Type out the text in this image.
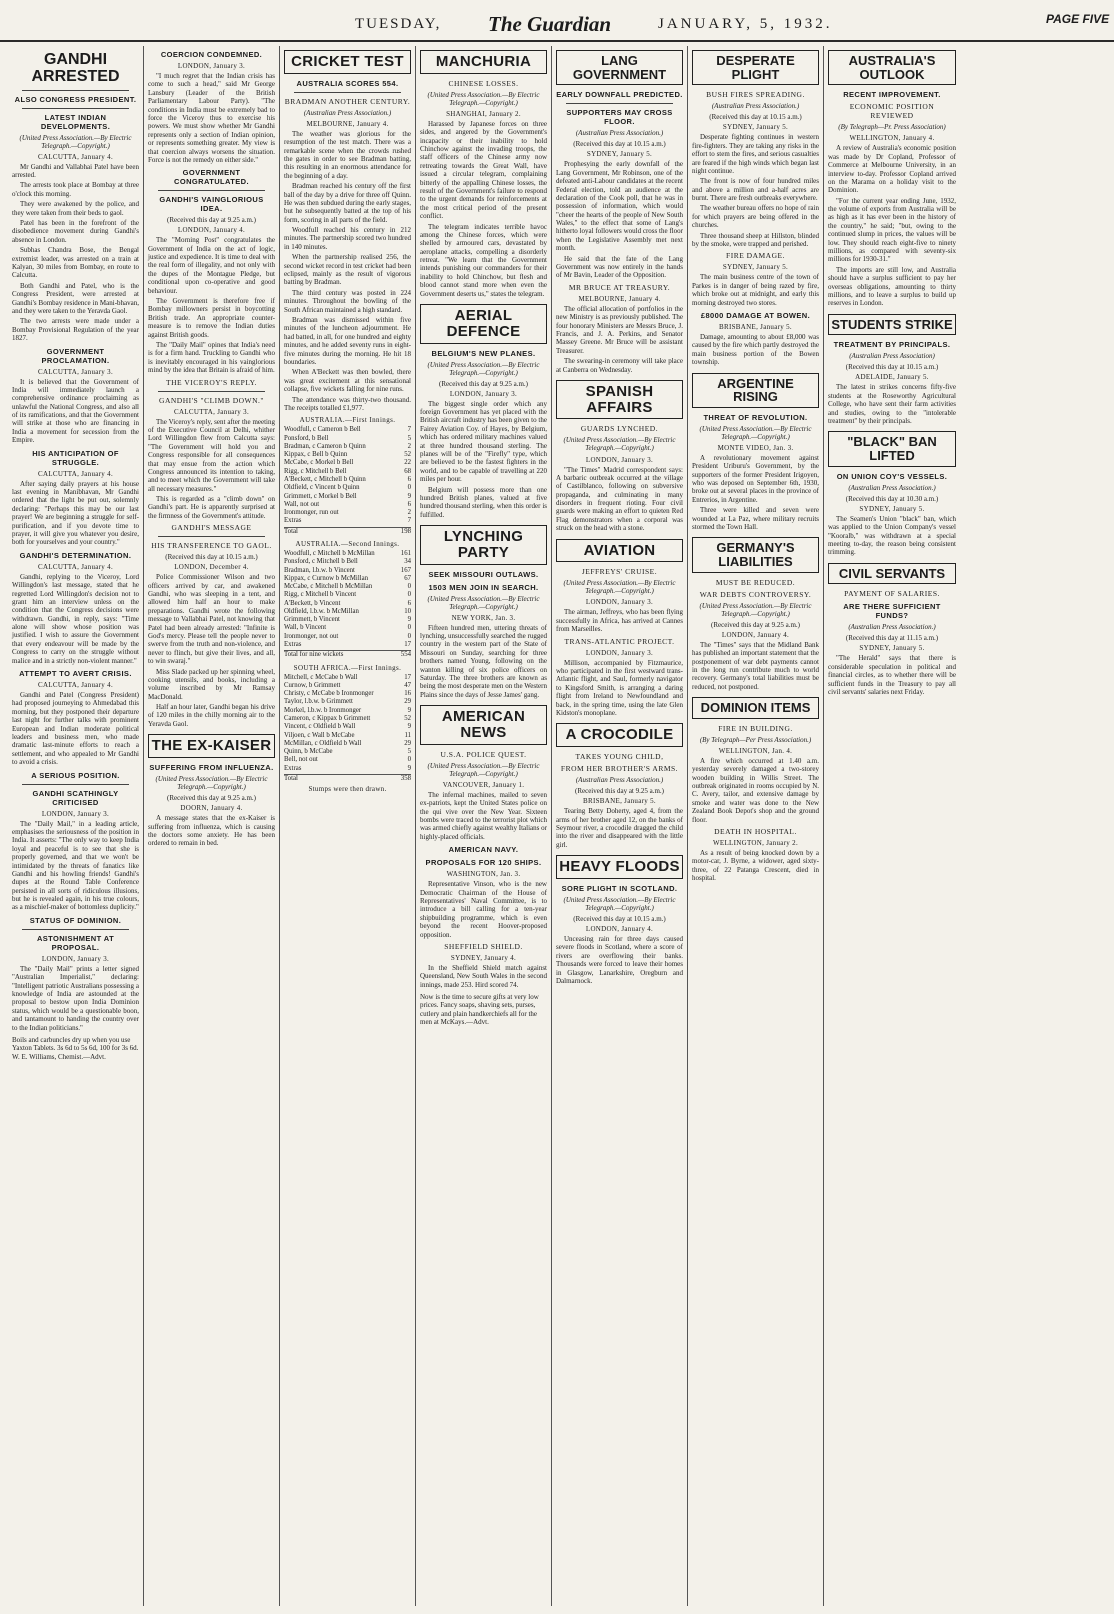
TUESDAY, The Guardian	JANUARY, 5, 1932.	PAGE FIVE
GANDHI ARRESTED
ALSO CONGRESS PRESIDENT.
LATEST INDIAN DEVELOPMENTS.
(United Press Association.—By Electric Telegraph.—Copyright.)
CALCUTTA, January 4.

Mr Gandhi and Vallabhai Patel have been arrested.

The arrests took place at Bombay at three o'clock this morning.

They were awakened by the police, and they were taken from their beds to gaol.

Patel has been in the forefront of the disobedience movement during Gandhi's absence in London.

Subhas Chandra Bose, the Bengal extremist leader, was arrested on a train at Kalyan, 30 miles from Bombay, en route to Calcutta.

Both Gandhi and Patel, who is the Congress President, were arrested at Gandhi's Bombay residence in Mani-bhavan, and they were taken to the Yeravda Gaol.

The two arrests were made under a Bombay Provisional Regulation of the year 1827.

GOVERNMENT PROCLAMATION.
CALCUTTA, January 3.

It is believed that the Government of India will immediately launch a comprehensive ordinance proclaiming as unlawful the National Congress, and also all of its ramifications, and that the Government will strike at those who are financing in India a movement for secession from the Empire.

HIS ANTICIPATION OF STRUGGLE.
CALCUTTA, January 4.

After saying daily prayers at his house last evening in Manibhavan, Mr Gandhi ordered that the light be put out, solemnly declaring: "Perhaps this may be our last prayer! We are beginning a struggle for self-purification, and if you devote time to prayer, it will give you whatever you desire, both for yourselves and your country."

GANDHI'S DETERMINATION.
CALCUTTA, January 4.

Gandhi, replying to the Viceroy, Lord Willingdon's last message, stated that he regretted Lord Willingdon's decision not to grant him an interview unless on the condition that the Congress decisions were withdrawn. Gandhi, in reply, says: "Time alone will show whose position was justified. I wish to assure the Government that every endeavour will be made by the Congress to carry on the struggle without malice and in a strictly non-violent manner."

ATTEMPT TO AVERT CRISIS.
CALCUTTA, January 4.

Gandhi and Patel (Congress President) had proposed journeying to Ahmedabad this morning, but they postponed their departure last night for further talks with prominent European and Indian moderate political leaders and business men, who made dramatic last-minute efforts to reach a settlement, and who appealed to Mr Gandhi to avoid a crisis.

A SERIOUS POSITION.
GANDHI SCATHINGLY CRITICISED
LONDON, January 3.

The "Daily Mail," in a leading article, emphasises the seriousness of the position in India. It asserts: "The only way to keep India loyal and peaceful is to see that she is properly governed, and that we won't be intimidated by the threats of fanatics like Gandhi and his howling friends! Gandhi's dupes at the Round Table Conference persisted in all sorts of ridiculous illusions, but he is revealed again, in his true colours, as a mischief-maker of bottomless duplicity."

STATUS OF DOMINION.
ASTONISHMENT AT PROPOSAL.
LONDON, January 3.

The "Daily Mail" prints a letter signed "Australian Imperialist," declaring: "Intelligent patriotic Australians possessing a knowledge of India are astounded at the proposal to bestow upon India Dominion status, which would be a questionable boon, and tantamount to handing the country over to the Indian politicians."

Boils and carbuncles dry up when you use Yaxton Tablets. 3s 6d to 5s 6d, 100 for 3s 6d. W. E. Williams, Chemist.—Advt.

COERCION CONDEMNED.
LONDON, January 3.

"I much regret that the Indian crisis has come to such a head," said Mr George Lansbury (Leader of the British Parliamentary Labour Party). "The conditions in India must be extremely bad to force the Viceroy thus to exercise his powers. We must show whether Mr Gandhi represents only a section of Indian opinion, or represents something greater. My view is that coercion always worsens the situation. Force is not the remedy on either side."

GOVERNMENT CONGRATULATED.
GANDHI'S VAINGLORIOUS IDEA.
(Received this day at 9.25 a.m.)
LONDON, January 4.

The "Morning Post" congratulates the Government of India on the act of logic, justice and expedience. It is time to deal with the real form of illegality, and not only with the dupes of the Montague Pledge, but conditional upon co-operative and good behaviour.

The Government is therefore free if Bombay millowners persist in boycotting British trade. An appropriate counter-measure is to remove the Indian duties against British goods.

The "Daily Mail" opines that India's need is for a firm hand. Truckling to Gandhi who is inevitably encouraged in his vainglorious mind by the idea that Britain is afraid of him.

THE VICEROY'S REPLY.
GANDHI'S "CLIMB DOWN."
CALCUTTA, January 3.

The Viceroy's reply, sent after the meeting of the Executive Council at Delhi, whither Lord Willingdon flew from Calcutta says: "The Government will hold you and Congress responsible for all consequences that may ensue from the action which Congress announced its intention to taking, and to meet which the Government will take all necessary measures."

This is regarded as a "climb down" on Gandhi's part. He is apparently surprised at the firmness of the Government's attitude.

GANDHI'S MESSAGE
HIS TRANSFERENCE TO GAOL.
(Received this day at 10.15 a.m.)
LONDON, December 4.

Police Commissioner Wilson and two officers arrived by car, and awakened Gandhi, who was sleeping in a tent, and allowed him half an hour to make preparations. Gandhi wrote the following message to Vallabhai Patel, not knowing that Patel had been already arrested: "Infinite is God's mercy. Please tell the people never to swerve from the truth and non-violence, and never to flinch, but give their lives, and all, to win swaraj."

Miss Slade packed up her spinning wheel, cooking utensils, and books, including a volume inscribed by Mr Ramsay MacDonald.

Half an hour later, Gandhi began his drive of 120 miles in the chilly morning air to the Yeravda Gaol.

THE EX-KAISER
SUFFERING FROM INFLUENZA.
(United Press Association.—By Electric Telegraph.—Copyright.)
(Received this day at 9.25 a.m.)
DOORN, January 4.

A message states that the ex-Kaiser is suffering from influenza, which is causing the doctors some anxiety. He has been ordered to remain in bed.

CRICKET TEST
AUSTRALIA SCORES 554.
BRADMAN ANOTHER CENTURY.
(Australian Press Association.)
MELBOURNE, January 4.

The weather was glorious for the resumption of the test match. There was a remarkable scene when the crowds rushed the gates in order to see Bradman batting, this resulting in an enormous attendance for the beginning of a day.

Bradman reached his century off the first ball of the day by a drive for three off Quinn. He was then subdued during the early stages, but he subsequently batted at the top of his form, scoring in all parts of the field.

Woodfull reached his century in 212 minutes. The partnership scored two hundred in 140 minutes.

When the partnership realised 256, the second wicket record in test cricket had been eclipsed, mainly as the result of vigorous batting by Bradman.

The third century was posted in 224 minutes. Throughout the bowling of the South African maintained a high standard.

Bradman was dismissed within five minutes of the luncheon adjournment. He had batted, in all, for one hundred and eighty minutes, and he added seventy runs in eight-five minutes during the morning. He hit 18 boundaries.

When A'Beckett was then bowled, there was great excitement at this sensational collapse, five wickets falling for nine runs.

The attendance was thirty-two thousand. The receipts totalled £1,977.

AUSTRALIA.—First Innings.
Woodfull, c Cameron b Bell	7
Ponsford, b Bell	5
Bradman, c Cameron b Quinn	2
Kippax, c Bell b Quinn	52
McCabe, c Morkel b Bell	22
Rigg, c Mitchell b Bell	68
A'Beckett, c Mitchell b Quinn	6
Oldfield, c Vincent b Quinn	0
Grimmett, c Morkel b Bell	9
Wall, not out	6
Ironmonger, run out	2
Extras	7
Total	198
AUSTRALIA.—Second Innings.
Woodfull, c Mitchell b McMillan	161
Ponsford, c Mitchell b Bell	34
Bradman, l.b.w. b Vincent	167
Kippax, c Curnow b McMillan	67
McCabe, c Mitchell b McMillan	0
Rigg, c Mitchell b Vincent	0
A'Beckett, b Vincent	6
Oldfield, l.b.w. b McMillan	10
Grimmett, b Vincent	9
Wall, b Vincent	0
Ironmonger, not out	0
Extras	17
Total for nine wickets	554
SOUTH AFRICA.—First Innings.
Mitchell, c McCabe b Wall	17
Curnow, b Grimmett	47
Christy, c McCabe b Ironmonger	16
Taylor, l.b.w. b Grimmett	29
Morkel, l.b.w. b Ironmonger	9
Cameron, c Kippax b Grimmett	52
Vincent, c Oldfield b Wall	9
Viljoen, c Wall b McCabe	11
McMillan, c Oldfield b Wall	29
Quinn, b McCabe	5
Bell, not out	0
Extras	9
Total	358
Stumps were then drawn.
MANCHURIA
CHINESE LOSSES.
(United Press Association.—By Electric Telegraph.—Copyright.)
SHANGHAI, January 2.

Harassed by Japanese forces on three sides, and angered by the Government's incapacity or their inability to hold Chinchow against the invading troops, the staff officers of the Chinese army now retreating towards the Great Wall, have issued a circular telegram, complaining bitterly of the appalling Chinese losses, the result of the Government's failure to respond to the urgent demands for reinforcements at the most critical period of the present conflict.

The telegram indicates terrible havoc among the Chinese forces, which were shelled by armoured cars, devastated by aeroplane attacks, compelling a disorderly retreat. "We learn that the Government intends punishing our commanders for their inability to hold Chinchow, but flesh and blood cannot stand more when even the Government deserts us," states the telegram.

AERIAL DEFENCE
BELGIUM'S NEW PLANES.
(United Press Association.—By Electric Telegraph.—Copyright.)
(Received this day at 9.25 a.m.)
LONDON, January 3.

The biggest single order which any foreign Government has yet placed with the British aircraft industry has been given to the Fairey Aviation Coy. of Hayes, by Belgium, which has ordered military machines valued at three hundred thousand sterling. The planes will be of the "Firefly" type, which are believed to be the fastest fighters in the world, and to be capable of travelling at 220 miles per hour.

Belgium will possess more than one hundred British planes, valued at five hundred thousand sterling, when this order is fulfilled.

LYNCHING PARTY
SEEK MISSOURI OUTLAWS.
1503 MEN JOIN IN SEARCH.
(United Press Association.—By Electric Telegraph.—Copyright.)
NEW YORK, Jan. 3.

Fifteen hundred men, uttering threats of lynching, unsuccessfully searched the rugged country in the western part of the State of Missouri on Sunday, searching for three brothers named Young, following on the wanton killing of six police officers on Saturday. The three brothers are known as being the most desperate men on the Western Plains since the days of Jesse James' gang.

AMERICAN NEWS
U.S.A. POLICE QUEST.
(United Press Association.—By Electric Telegraph.—Copyright.)
VANCOUVER, January 1.

The infernal machines, mailed to seven ex-patriots, kept the United States police on the qui vive over the New Year. Sixteen bombs were traced to the terrorist plot which was armed chiefly against wealthy Italians or highly-placed officials.

AMERICAN NAVY.
PROPOSALS FOR 120 SHIPS.
WASHINGTON, Jan. 3.

Representative Vinson, who is the new Democratic Chairman of the House of Representatives' Naval Committee, is to introduce a bill calling for a ten-year shipbuilding programme, which is even beyond the recent Hoover-proposed opposition.

SHEFFIELD SHIELD.
SYDNEY, January 4.

In the Sheffield Shield match against Queensland, New South Wales in the second innings, made 253. Hird scored 74.

Now is the time to secure gifts at very low prices. Fancy soaps, shaving sets, purses, cutlery and plain handkerchiefs all for the men at McKays.—Advt.

LANG GOVERNMENT
EARLY DOWNFALL PREDICTED.
SUPPORTERS MAY CROSS FLOOR.
(Australian Press Association.)
(Received this day at 10.15 a.m.)
SYDNEY, January 5.

Prophesying the early downfall of the Lang Government, Mr Robinson, one of the defeated anti-Labour candidates at the recent Federal election, told an audience at the declaration of the Cook poll, that he was in possession of information, which would "cheer the hearts of the people of New South Wales," to the effect that some of Lang's hitherto loyal followers would cross the floor when the Legislative Assembly met next month.

He said that the fate of the Lang Government was now entirely in the hands of Mr Bavin, Leader of the Opposition.

MR BRUCE AT TREASURY.
MELBOURNE, January 4.

The official allocation of portfolios in the new Ministry is as previously published. The four honorary Ministers are Messrs Bruce, J. Francis, and J. A. Perkins, and Senator Massey Greene. Mr Bruce will be assistant Treasurer.

The swearing-in ceremony will take place at Canberra on Wednesday.

SPANISH AFFAIRS
GUARDS LYNCHED.
(United Press Association.—By Electric Telegraph.—Copyright.)
LONDON, January 3.

"The Times" Madrid correspondent says: A barbaric outbreak occurred at the village of Castilblanco, following on subversive propaganda, and culminating in many disorders in frequent rioting. Four civil guards were making an effort to quieten Red Flag demonstrators when a corporal was struck on the head with a stone.

AVIATION
JEFFREYS' CRUISE.
(United Press Association.—By Electric Telegraph.—Copyright.)
LONDON, January 3.

The airman, Jeffreys, who has been flying successfully in Africa, has arrived at Cannes from Marseilles.

TRANS-ATLANTIC PROJECT.
LONDON, January 3.

Millison, accompanied by Fitzmaurice, who participated in the first westward trans-Atlantic flight, and Saul, formerly navigator to Kingsford Smith, is arranging a daring flight from Ireland to Newfoundland and back, in the spring time, using the late Glen Kidston's monoplane.

A CROCODILE
TAKES YOUNG CHILD,
FROM HER BROTHER'S ARMS.
(Australian Press Association.)
(Received this day at 9.25 a.m.)
BRISBANE, January 5.

Tearing Betty Doherty, aged 4, from the arms of her brother aged 12, on the banks of Seymour river, a crocodile dragged the child into the river and disappeared with the little girl.

HEAVY FLOODS
SORE PLIGHT IN SCOTLAND.
(United Press Association.—By Electric Telegraph.—Copyright.)
(Received this day at 10.15 a.m.)
LONDON, January 4.

Unceasing rain for three days caused severe floods in Scotland, where a score of rivers are overflowing their banks. Thousands were forced to leave their homes in Glasgow, Lanarkshire, Oregburn and Dalmarnock.

DESPERATE PLIGHT
BUSH FIRES SPREADING.
(Australian Press Association.)
(Received this day at 10.15 a.m.)
SYDNEY, January 5.

Desperate fighting continues in western fire-fighters. They are taking any risks in the effort to stem the fires, and serious casualties are feared if the high winds which began last night continue.

The front is now of four hundred miles and above a million and a-half acres are burnt. There are fresh outbreaks everywhere.

The weather bureau offers no hope of rain for which prayers are being offered in the churches.

Three thousand sheep at Hillston, blinded by the smoke, were trapped and perished.

FIRE DAMAGE.
SYDNEY, January 5.

The main business centre of the town of Parkes is in danger of being razed by fire, which broke out at midnight, and early this morning destroyed two stores.

£8000 DAMAGE AT BOWEN.
BRISBANE, January 5.

Damage, amounting to about £8,000 was caused by the fire which partly destroyed the main business portion of the Bowen township.

ARGENTINE RISING
THREAT OF REVOLUTION.
(United Press Association.—By Electric Telegraph.—Copyright.)
MONTE VIDEO, Jan. 3.

A revolutionary movement against President Uriburu's Government, by the supporters of the former President Irigoyen, who was deposed on September 6th, 1930, broke out at several places in the province of Entrerios, in Argentine.

Three were killed and seven were wounded at La Paz, where military recruits stormed the Town Hall.

GERMANY'S LIABILITIES
MUST BE REDUCED.
WAR DEBTS CONTROVERSY.
(United Press Association.—By Electric Telegraph.—Copyright.)
(Received this day at 9.25 a.m.)
LONDON, January 4.

The "Times" says that the Midland Bank has published an important statement that the postponement of war debt payments cannot in the long run contribute much to world recovery. Germany's total liabilities must be reduced, not postponed.

DOMINION ITEMS
FIRE IN BUILDING.
(By Telegraph—Per Press Association.)
WELLINGTON, Jan. 4.

A fire which occurred at 1.40 a.m. yesterday severely damaged a two-storey wooden building in Willis Street. The outbreak originated in rooms occupied by N. C. Avery, tailor, and extensive damage by smoke and water was done to the New Zealand Book Depot's shop and the ground floor.

DEATH IN HOSPITAL.
WELLINGTON, January 2.

As a result of being knocked down by a motor-car, J. Byrne, a widower, aged sixty-three, of 22 Patanga Crescent, died in hospital.

AUSTRALIA'S OUTLOOK
RECENT IMPROVEMENT.
ECONOMIC POSITION REVIEWED
(By Telegraph—Pr. Press Association)
WELLINGTON, January 4.

A review of Australia's economic position was made by Dr Copland, Professor of Commerce at Melbourne University, in an interview to-day. Professor Copland arrived on the Marama on a holiday visit to the Dominion.

"For the current year ending June, 1932, the volume of exports from Australia will be as high as it has ever been in the history of the country," he said; "but, owing to the continued slump in prices, the values will be low. They should reach eight-five to ninety millions, as compared with seventy-six millions for 1930-31."

The imports are still low, and Australia should have a surplus sufficient to pay her overseas obligations, amounting to thirty millions, and to leave a surplus to build up reserves in London.

STUDENTS STRIKE
TREATMENT BY PRINCIPALS.
(Australian Press Association)
(Received this day at 10.15 a.m.)
ADELAIDE, January 5.

The latest in strikes concerns fifty-five students at the Roseworthy Agricultural College, who have sent their farm activities and studies, owing to the "intolerable treatment" by their principals.

"BLACK" BAN LIFTED
ON UNION COY'S VESSELS.
(Australian Press Association.)
(Received this day at 10.30 a.m.)
SYDNEY, January 5.

The Seamen's Union "black" ban, which was applied to the Union Company's vessel "Kooralb," was withdrawn at a special meeting to-day, the reason being consistent trimming.

CIVIL SERVANTS
PAYMENT OF SALARIES.
ARE THERE SUFFICIENT FUNDS?
(Australian Press Association.)
(Received this day at 11.15 a.m.)
SYDNEY, January 5.

"The Herald" says that there is considerable speculation in political and financial circles, as to whether there will be sufficient funds in the Treasury to pay all civil servants' salaries next Friday.
